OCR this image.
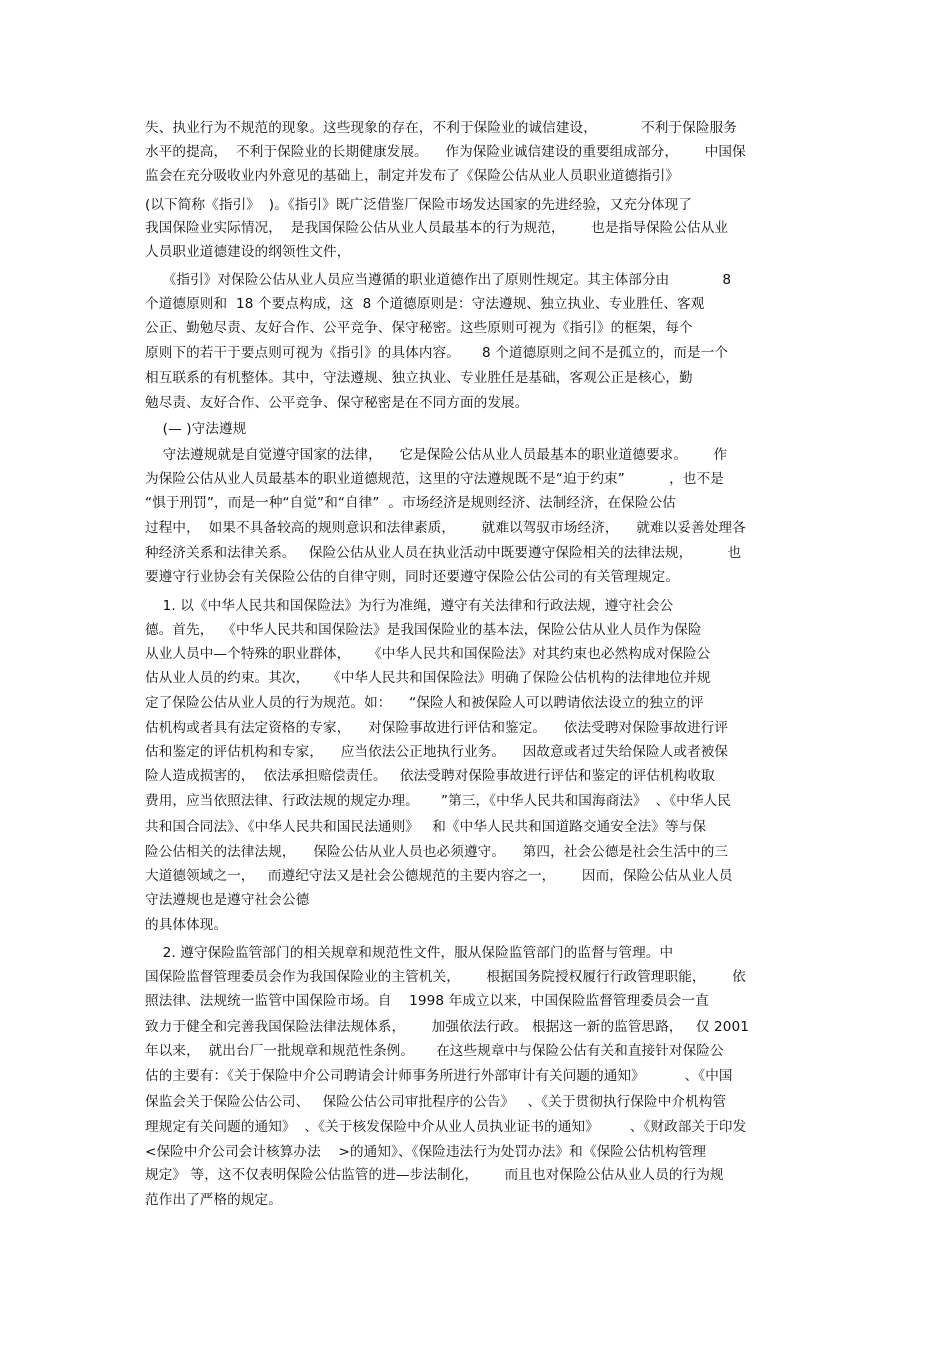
失、执业行为不规范的现象。这些现象的存在，不利于保险业的诚信建设，          不利于保险服务
水平的提高，  不利于保险业的长期健康发展。    作为保险业诚信建设的重要组成部分，      中国保
监会在充分吸收业内外意见的基础上，制定并发布了《保险公估从业人员职业道德指引》
(以下简称《指引》  )。《指引》既广泛借鉴厂保险市场发达国家的先进经验，又充分体现了
我国保险业实际情况，  是我国保险公估从业人员最基本的行为规范，      也是指导保险公估从业
人员职业道德建设的纲领性文件，
《指引》对保险公估从业人员应当遵循的职业道德作出了原则性规定。其主体部分由            8
个道德原则和  18 个要点构成，这  8 个道德原则是：守法遵规、独立执业、专业胜任、客观
公正、勤勉尽责、友好合作、公平竞争、保守秘密。这些原则可视为《指引》的框架，每个
原则下的若干于要点则可视为《指引》的具体内容。     8 个道德原则之间不是孤立的，而是一个
相互联系的有机整体。其中，守法遵规、独立执业、专业胜任是基础，客观公正是核心，勤
勉尽责、友好合作、公平竞争、保守秘密是在不同方面的发展。
(— )守法遵规
守法遵规就是自觉遵守国家的法律，    它是保险公估从业人员最基本的职业道德要求。      作
为保险公估从业人员最基本的职业道德规范，这里的守法遵规既不是“迫于约束”          ，也不是
“惧于刑罚”，而是一种“自觉”和“自律”  。市场经济是规则经济、法制经济，在保险公估
过程中，  如果不具备较高的规则意识和法律素质，      就难以驾驭市场经济，    就难以妥善处理各
种经济关系和法律关系。   保险公估从业人员在执业活动中既要遵守保险相关的法律法规，        也
要遵守行业协会有关保险公估的自律守则，同时还要遵守保险公估公司的有关管理规定。
1. 以《中华人民共和国保险法》为行为准绳，遵守有关法律和行政法规，遵守社会公
德。首先，  《中华人民共和国保险法》是我国保险业的基本法，保险公估从业人员作为保险
从业人员中—个特殊的职业群体，    《中华人民共和国保险法》对其约束也必然构成对保险公
估从业人员的约束。其次，    《中华人民共和国保险法》明确了保险公估机构的法律地位并规
定了保险公估从业人员的行为规范。如：    “保险人和被保险人可以聘请依法设立的独立的评
估机构或者具有法定资格的专家，    对保险事故进行评估和鉴定。    依法受聘对保险事故进行评
估和鉴定的评估机构和专家，    应当依法公正地执行业务。    因故意或者过失给保险人或者被保
险人造成损害的，  依法承担赔偿责任。   依法受聘对保险事故进行评估和鉴定的评估机构收取
费用，应当依照法律、行政法规的规定办理。     ”第三，《中华人民共和国海商法》  、《中华人民
共和国合同法》、《中华人民共和国民法通则》   和《中华人民共和国道路交通安全法》等与保
险公估相关的法律法规，    保险公估从业人员也必须遵守。    第四，社会公德是社会生活中的三
大道德领域之一，   而遵纪守法又是社会公德规范的主要内容之一，      因而，保险公估从业人员
守法遵规也是遵守社会公德
的具体体现。
2. 遵守保险监管部门的相关规章和规范性文件，服从保险监管部门的监督与管理。中
国保险监督管理委员会作为我国保险业的主管机关，      根据国务院授权履行行政管理职能，      依
照法律、法规统一监管中国保险市场。自    1998 年成立以来，中国保险监督管理委员会一直
致力于健全和完善我国保险法律法规体系，      加强依法行政。 根据这一新的监管思路，   仅 2001
年以来，  就出台厂一批规章和规范性条例。     在这些规章中与保险公估有关和直接针对保险公
估的主要有：《关于保险中介公司聘请会计师事务所进行外部审计有关问题的通知》         、《中国
保监会关于保险公估公司、   保险公估公司审批程序的公告》   、《关于贯彻执行保险中介机构管
理规定有关问题的通知》  、《关于核发保险中介从业人员执业证书的通知》       、《财政部关于印发
<保险中介公司会计核算办法    >的通知》、《保险违法行为处罚办法》和《保险公估机构管理
规定》 等，这不仅表明保险公估监管的进—步法制化，      而且也对保险公估从业人员的行为规
范作出了严格的规定。
